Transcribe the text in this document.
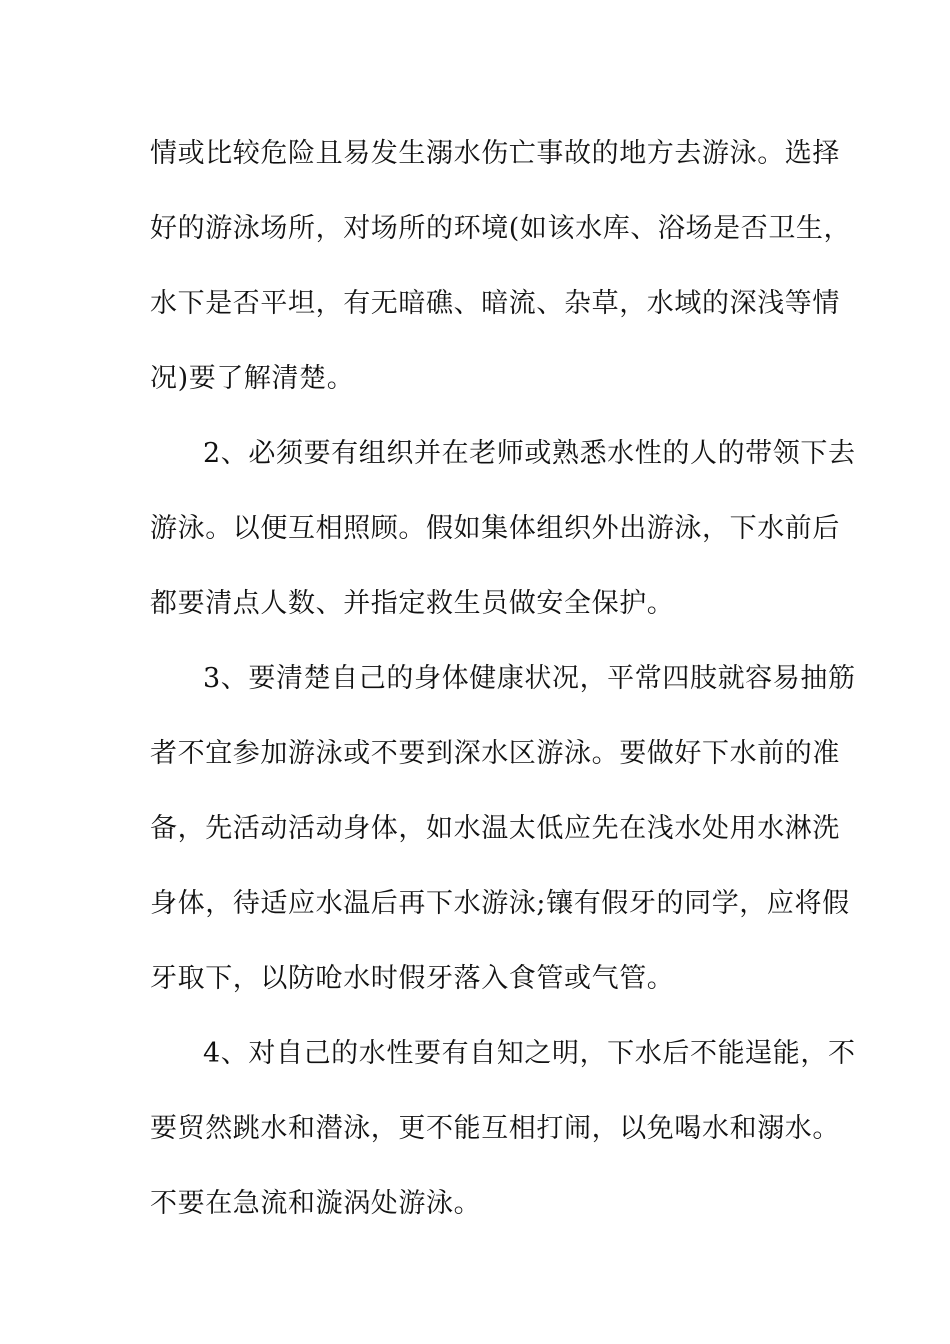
情或比较危险且易发生溺水伤亡事故的地方去游泳。选择
好的游泳场所，对场所的环境(如该水库、浴场是否卫生，
水下是否平坦，有无暗礁、暗流、杂草，水域的深浅等情
况)要了解清楚。
2、必须要有组织并在老师或熟悉水性的人的带领下去
游泳。以便互相照顾。假如集体组织外出游泳，下水前后
都要清点人数、并指定救生员做安全保护。
3、要清楚自己的身体健康状况，平常四肢就容易抽筋
者不宜参加游泳或不要到深水区游泳。要做好下水前的准
备，先活动活动身体，如水温太低应先在浅水处用水淋洗
身体，待适应水温后再下水游泳;镶有假牙的同学，应将假
牙取下，以防呛水时假牙落入食管或气管。
4、对自己的水性要有自知之明，下水后不能逞能，不
要贸然跳水和潜泳，更不能互相打闹，以免喝水和溺水。
不要在急流和漩涡处游泳。
